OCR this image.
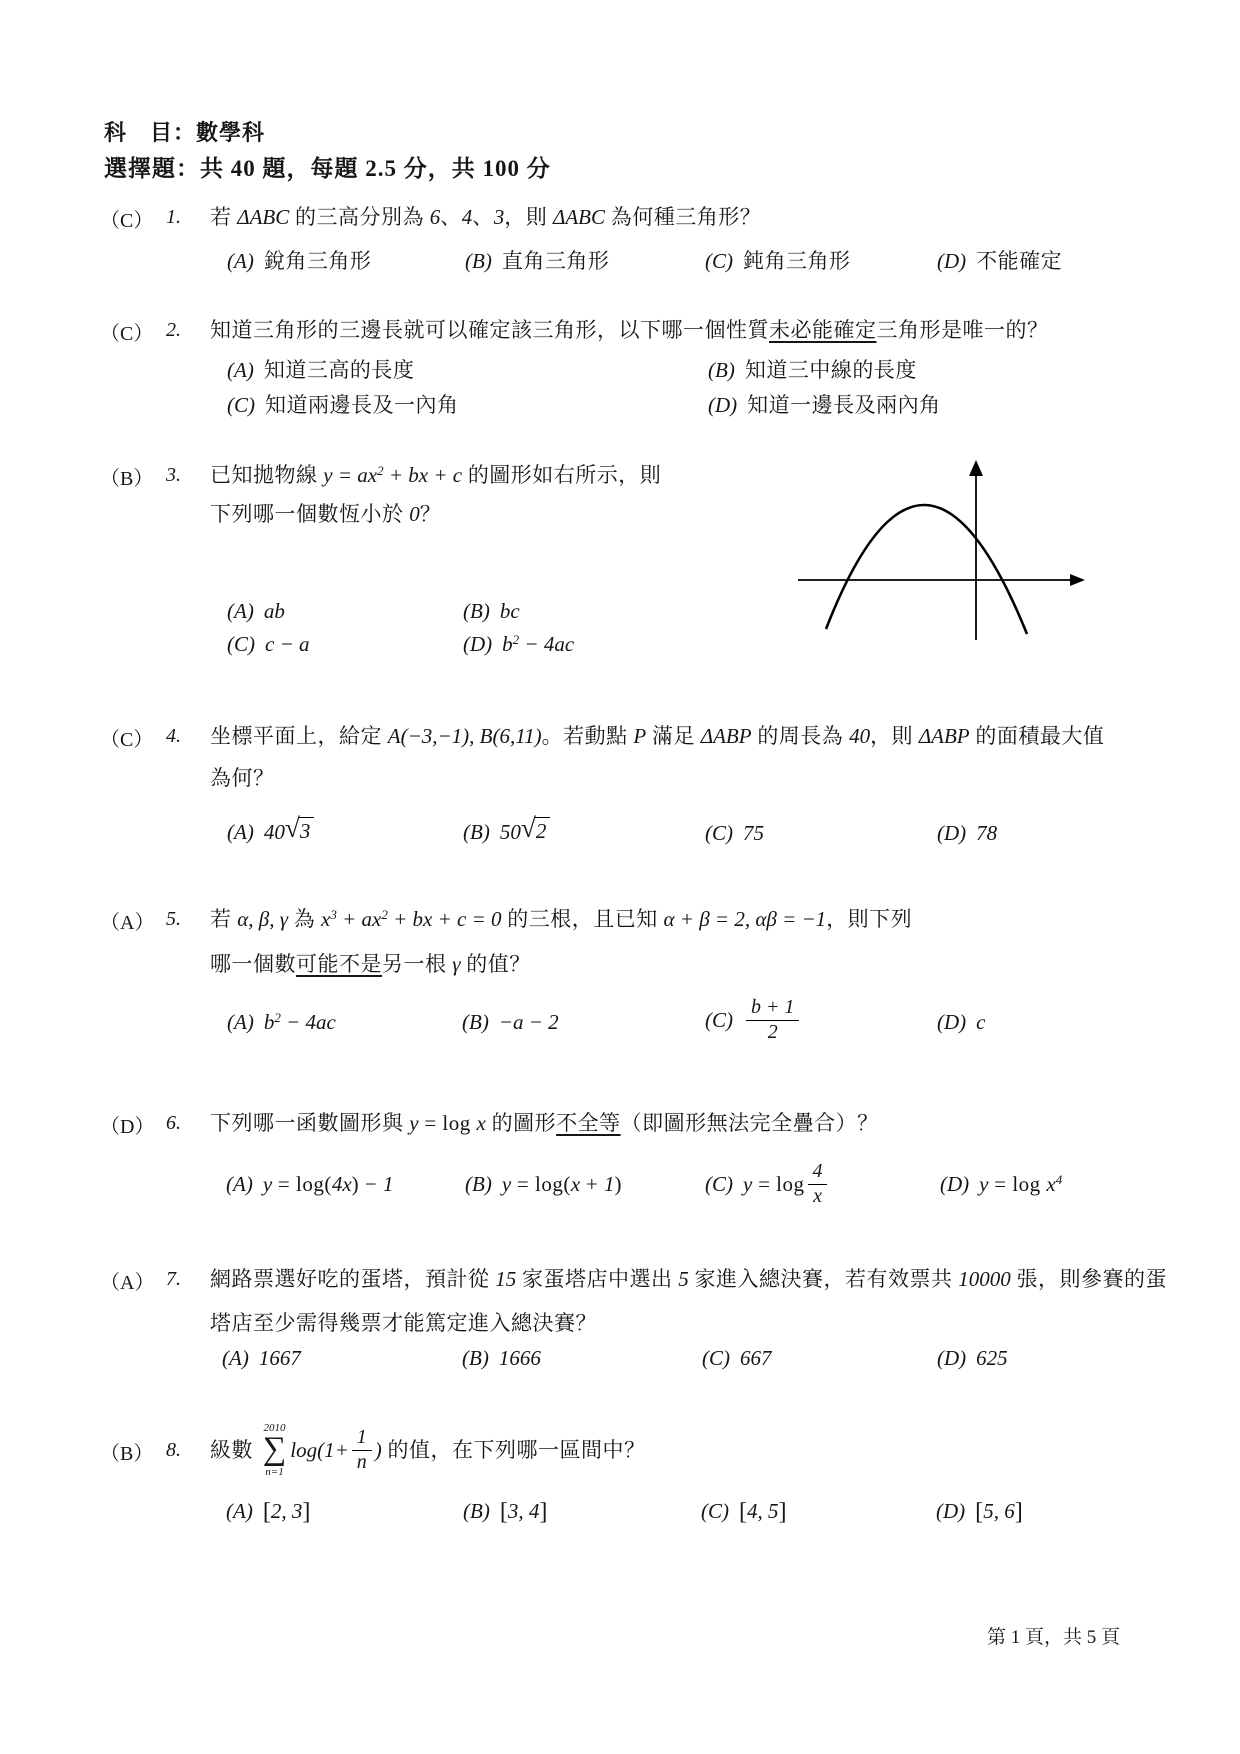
科　目：數學科
選擇題：共 40 題，每題 2.5 分，共 100 分
（C） 1. 若 ΔABC 的三高分別為 6、4、3，則 ΔABC 為何種三角形？
(A) 銳角三角形	(B) 直角三角形	(C) 鈍角三角形	(D) 不能確定
（C） 2. 知道三角形的三邊長就可以確定該三角形，以下哪一個性質未必能確定三角形是唯一的？
(A) 知道三高的長度	(B) 知道三中線的長度
(C) 知道兩邊長及一內角	(D) 知道一邊長及兩內角
（B） 3. 已知拋物線 $y = ax^2$ + bx + c 的圖形如右所示，則
下列哪一個數恆小於 0？
(A) ab	(B) bc
(C) c − a	(D) $b^2 - 4ac$
（C） 4. 坐標平面上，給定 A(−3,−1), B(6,11)。若動點 P 滿足 ΔABP 的周長為 40，則 ΔABP 的面積最大值
為何？
(A) 40 √ 3	(B) 50 √ 2	(C) 75	(D) 78
（A） 5. 若 α, β, γ 為 $x^3 + ax^2$ + bx + c = 0 的三根，且已知 α + β = 2, αβ = −1，則下列
哪一個數可能不是另一根 γ 的值？
(A) $b^2 - 4ac$	(B) −a − 2	$(C) \frac{b + 1}{2}$	(D) c
（D） 6. 下列哪一函數圖形與 y = log x 的圖形不全等（即圖形無法完全疊合）？
(A) y = log(4x) − 1	(B) y = log(x + 1)	(C) $y = \log \frac{4}{x}$	(D) $y = \log x^4$
（A） 7. 網路票選好吃的蛋塔，預計從 15 家蛋塔店中選出 5 家進入總決賽，若有效票共 10000 張，則參賽的蛋
塔店至少需得幾票才能篤定進入總決賽？
(A) 1667	(B) 1666	(C) 667	(D) 625
（B） 8. 級數
2010
∑
n=1
$\log(1+ \frac{1}{n}$ ) 的值，在下列哪一區間中？
(A) [2, 3]	(B) [3, 4]	(C) [4, 5]	(D) [5, 6]
第 1 頁，共 5 頁
